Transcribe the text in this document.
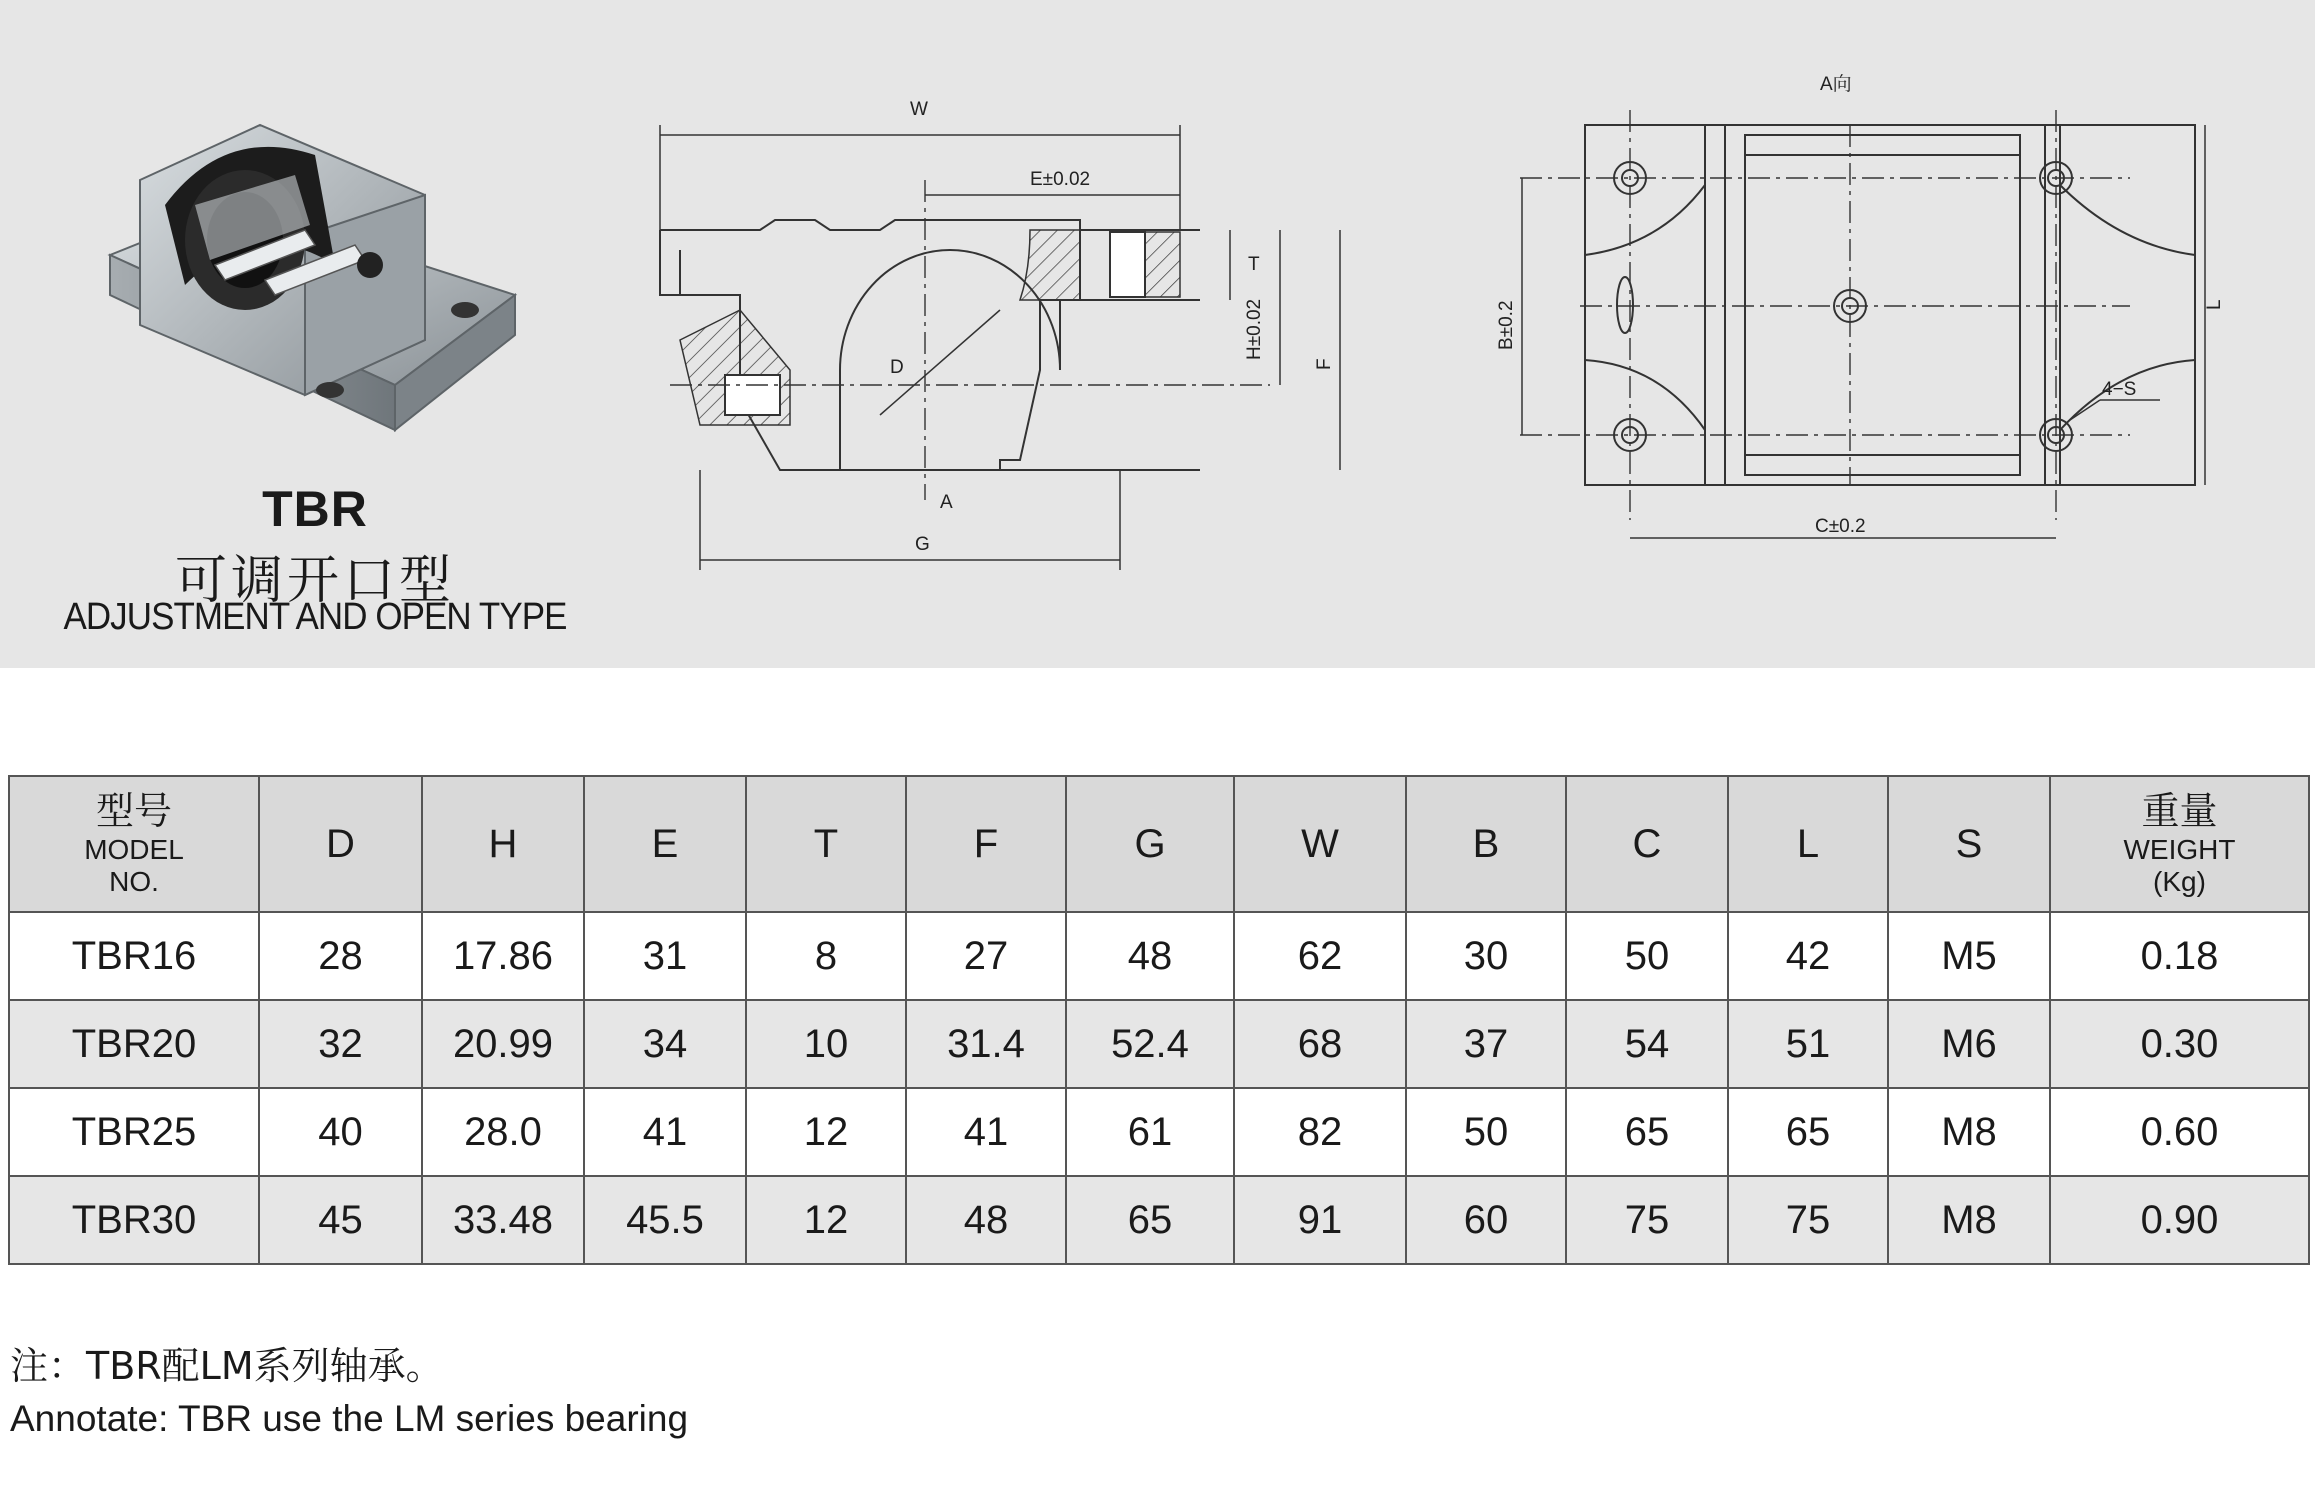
TBR
可调开口型
ADJUSTMENT AND OPEN TYPE
W
E±0.02
T
H±0.02
F
D
A
G
A向
B±0.2
C±0.2
L
4−S
型号
MODEL
NO.	D	H	E	T	F	G	W	B	C	L	S	重量
WEIGHT
(Kg)

TBR16	28	17.86	31	8	27	48	62	30	50	42	M5	0.18
TBR20	32	20.99	34	10	31.4	52.4	68	37	54	51	M6	0.30
TBR25	40	28.0	41	12	41	61	82	50	65	65	M8	0.60
TBR30	45	33.48	45.5	12	48	65	91	60	75	75	M8	0.90
注：TBR配LM系列轴承。
Annotate: TBR use the LM series bearing
